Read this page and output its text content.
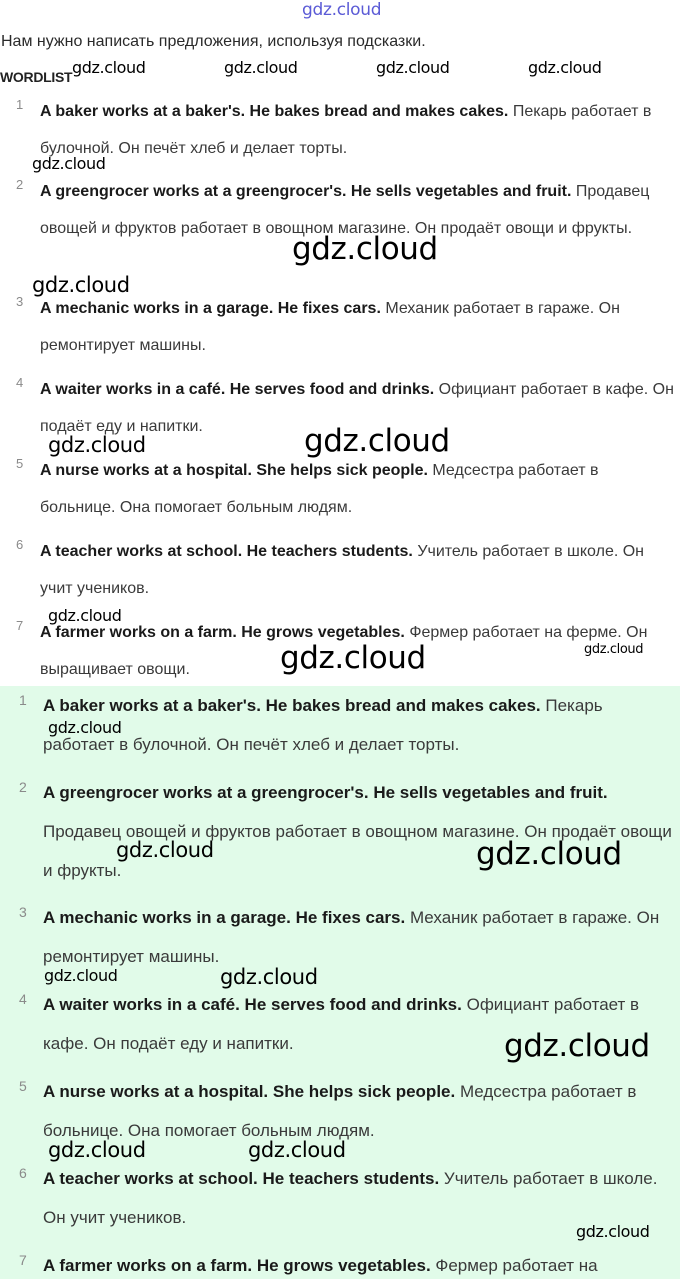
gdz.cloud
Нам нужно написать предложения, используя подсказки.
WORDLIST
1 A baker works at a baker's. He bakes bread and makes cakes. Пекарь работает в булочной. Он печёт хлеб и делает торты.
2 A greengrocer works at a greengrocer's. He sells vegetables and fruit. Продавец овощей и фруктов работает в овощном магазине. Он продаёт овощи и фрукты.
3 A mechanic works in a garage. He fixes cars. Механик работает в гараже. Он ремонтирует машины.
4 A waiter works in a café. He serves food and drinks. Официант работает в кафе. Он подаёт еду и напитки.
5 A nurse works at a hospital. She helps sick people. Медсестра работает в больнице. Она помогает больным людям.
6 A teacher works at school. He teachers students. Учитель работает в школе. Он учит учеников.
7 A farmer works on a farm. He grows vegetables. Фермер работает на ферме. Он выращивает овощи.
1 A baker works at a baker's. He bakes bread and makes cakes. Пекарь работает в булочной. Он печёт хлеб и делает торты.
2 A greengrocer works at a greengrocer's. He sells vegetables and fruit. Продавец овощей и фруктов работает в овощном магазине. Он продаёт овощи и фрукты.
3 A mechanic works in a garage. He fixes cars. Механик работает в гараже. Он ремонтирует машины.
4 A waiter works in a café. He serves food and drinks. Официант работает в кафе. Он подаёт еду и напитки.
5 A nurse works at a hospital. She helps sick people. Медсестра работает в больнице. Она помогает больным людям.
6 A teacher works at school. He teachers students. Учитель работает в школе. Он учит учеников.
7 A farmer works on a farm. He grows vegetables. Фермер работает на
gdz.cloud	gdz.cloud	gdz.cloud	gdz.cloud
gdz.cloud
gdz.cloud
gdz.cloud
gdz.cloud	gdz.cloud
gdz.cloud
gdz.cloud	gdz.cloud
gdz.cloud
gdz.cloud	gdz.cloud
gdz.cloud	gdz.cloud
gdz.cloud
gdz.cloud	gdz.cloud
gdz.cloud
